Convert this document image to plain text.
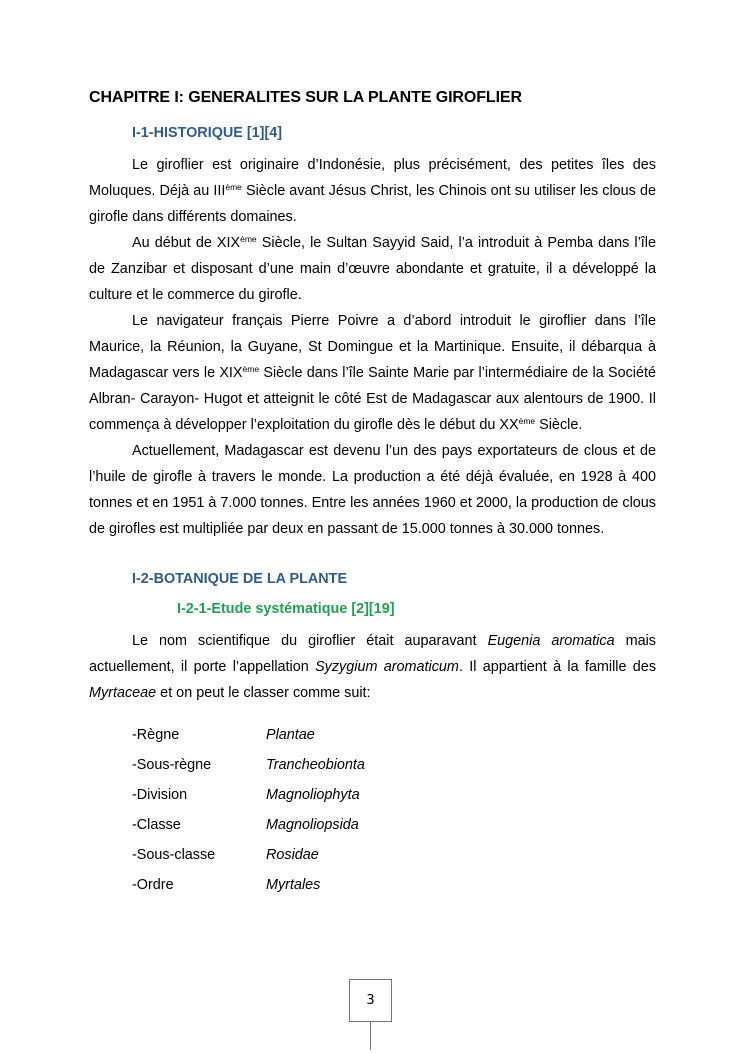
CHAPITRE I: GENERALITES SUR LA PLANTE GIROFLIER
I-1-HISTORIQUE [1][4]

Le giroflier est originaire d’Indonésie, plus précisément, des petites îles des Moluques. Déjà au IIIème Siècle avant Jésus Christ, les Chinois ont su utiliser les clous de girofle dans différents domaines.

Au début de XIXème Siècle, le Sultan Sayyid Said, l’a introduit à Pemba dans l’île de Zanzibar et disposant d’une main d’œuvre abondante et gratuite, il a développé la culture et le commerce du girofle.

Le navigateur français Pierre Poivre a d’abord introduit le giroflier dans l’île Maurice, la Réunion, la Guyane, St Domingue et la Martinique. Ensuite, il débarqua à Madagascar vers le XIXème Siècle dans l’île Sainte Marie par l’intermédiaire de la Société Albran- Carayon- Hugot et atteignit le côté Est de Madagascar aux alentours de 1900. Il commença à développer l’exploitation du girofle dès le début du XXème Siècle.

Actuellement, Madagascar est devenu l’un des pays exportateurs de clous et de l’huile de girofle à travers le monde. La production a été déjà évaluée, en 1928 à 400 tonnes et en 1951 à 7.000 tonnes. Entre les années 1960 et 2000, la production de clous de girofles est multipliée par deux en passant de 15.000 tonnes à 30.000 tonnes.

I-2-BOTANIQUE DE LA PLANTE
I-2-1-Etude systématique [2][19]

Le nom scientifique du giroflier était auparavant Eugenia aromatica mais actuellement, il porte l’appellation Syzygium aromaticum. Il appartient à la famille des Myrtaceae et on peut le classer comme suit:

-Règne	Plantae
-Sous-règne	Trancheobionta
-Division	Magnoliophyta
-Classe	Magnoliopsida
-Sous-classe	Rosidae
-Ordre	Myrtales
3
